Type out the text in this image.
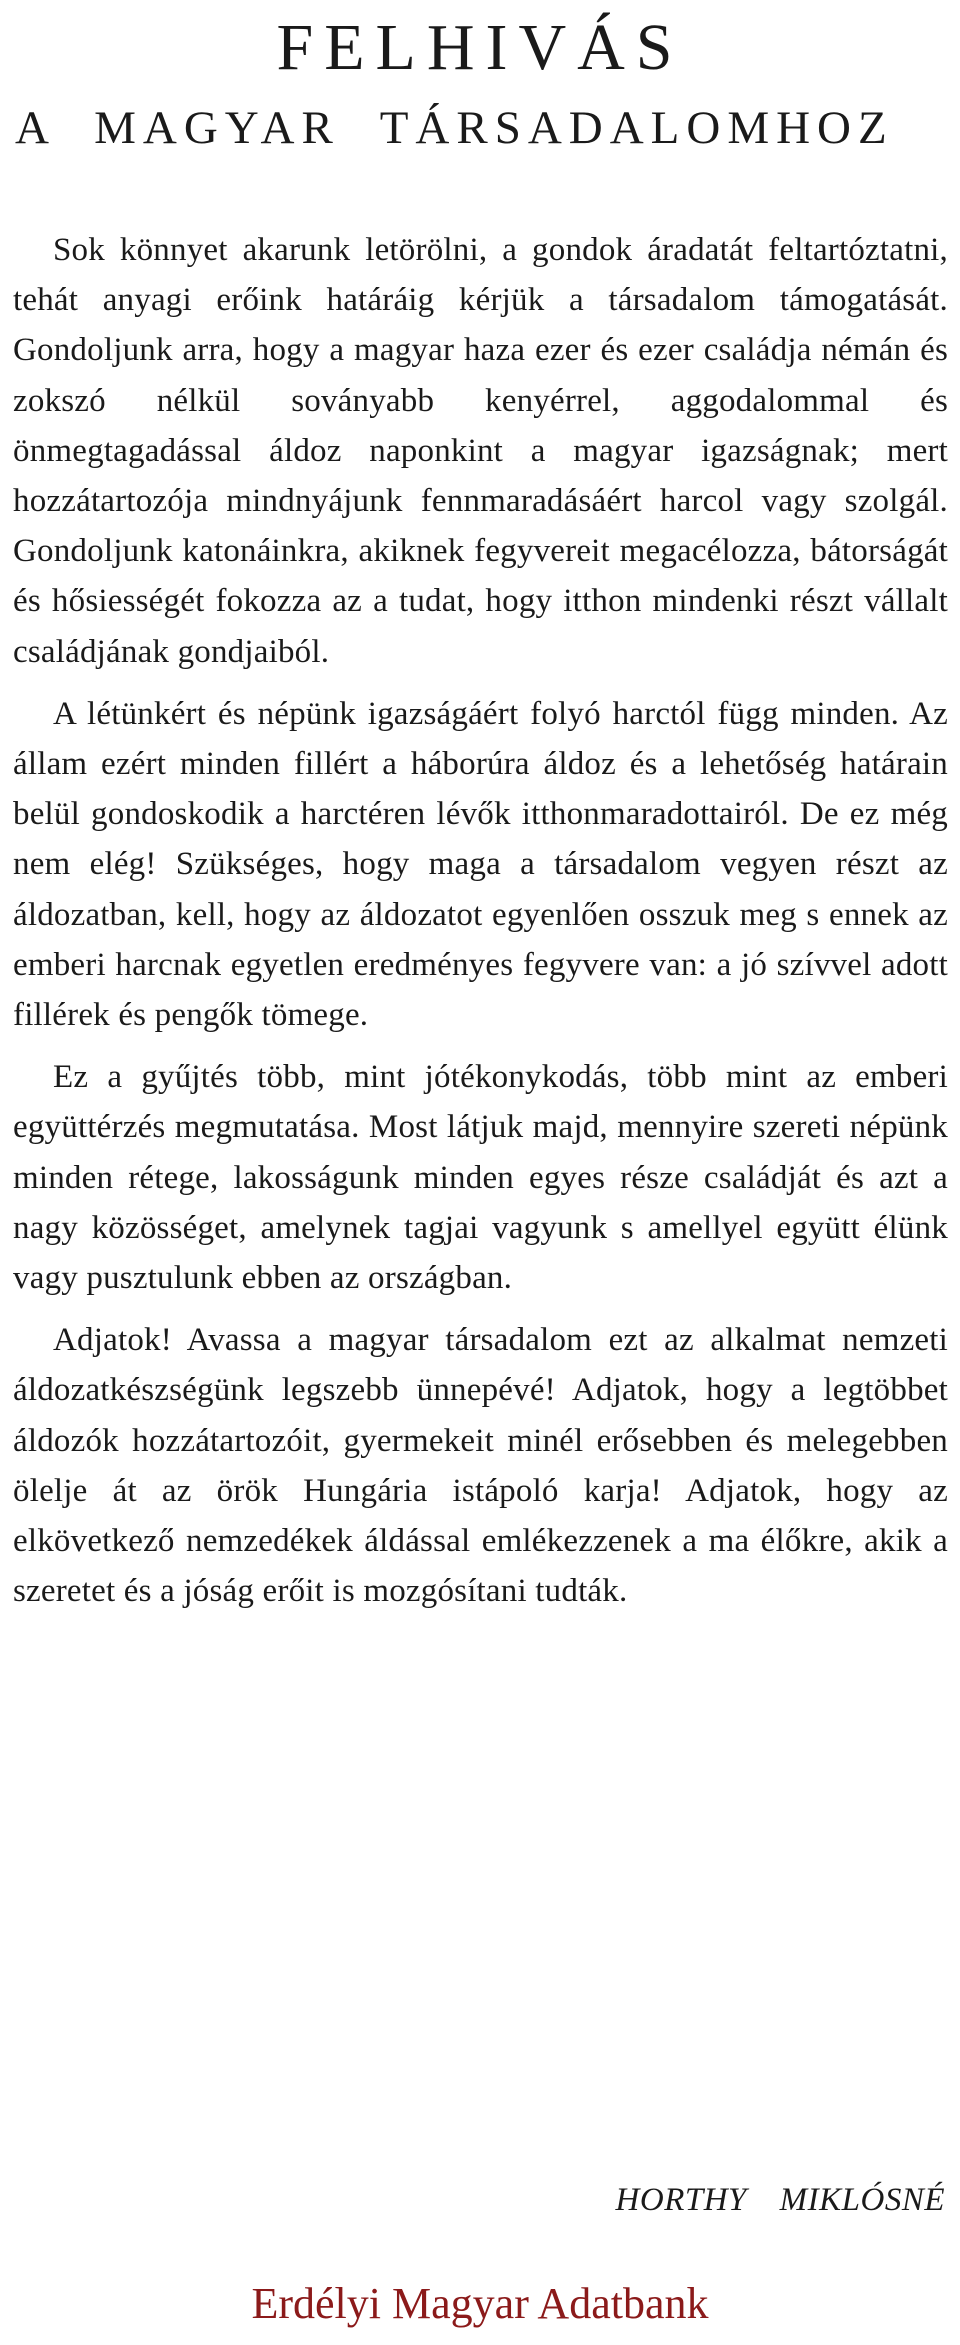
FELHIVÁS
A MAGYAR TÁRSADALOMHOZ

Sok könnyet akarunk letörölni, a gondok áradatát feltartóztatni, tehát anyagi erőink határáig kérjük a társadalom támogatását. Gondoljunk arra, hogy a magyar haza ezer és ezer családja némán és zokszó nélkül soványabb kenyérrel, aggodalommal és önmegtagadással áldoz naponkint a magyar igazságnak; mert hozzátartozója mindnyájunk fennmaradásáért harcol vagy szolgál. Gondoljunk katonáinkra, akiknek fegyvereit megacélozza, bátorságát és hősiességét fokozza az a tudat, hogy itthon mindenki részt vállalt családjának gondjaiból.

A létünkért és népünk igazságáért folyó harctól függ minden. Az állam ezért minden fillért a háborúra áldoz és a lehetőség határain belül gondoskodik a harctéren lévők itthonmaradottairól. De ez még nem elég! Szükséges, hogy maga a társadalom vegyen részt az áldozatban, kell, hogy az áldozatot egyenlően osszuk meg s ennek az emberi harcnak egyetlen eredményes fegyvere van: a jó szívvel adott fillérek és pengők tömege.

Ez a gyűjtés több, mint jótékonykodás, több mint az emberi együttérzés megmutatása. Most látjuk majd, mennyire szereti népünk minden rétege, lakosságunk minden egyes része családját és azt a nagy közösséget, amelynek tagjai vagyunk s amellyel együtt élünk vagy pusztulunk ebben az országban.

Adjatok! Avassa a magyar társadalom ezt az alkalmat nemzeti áldozatkészségünk legszebb ünnepévé! Adjatok, hogy a legtöbbet áldozók hozzátartozóit, gyermekeit minél erősebben és melegebben ölelje át az örök Hungária istápoló karja! Adjatok, hogy az elkövetkező nemzedékek áldással emlékezzenek a ma élőkre, akik a szeretet és a jóság erőit is mozgósítani tudták.

HORTHY MIKLÓSNÉ
Erdélyi Magyar Adatbank
